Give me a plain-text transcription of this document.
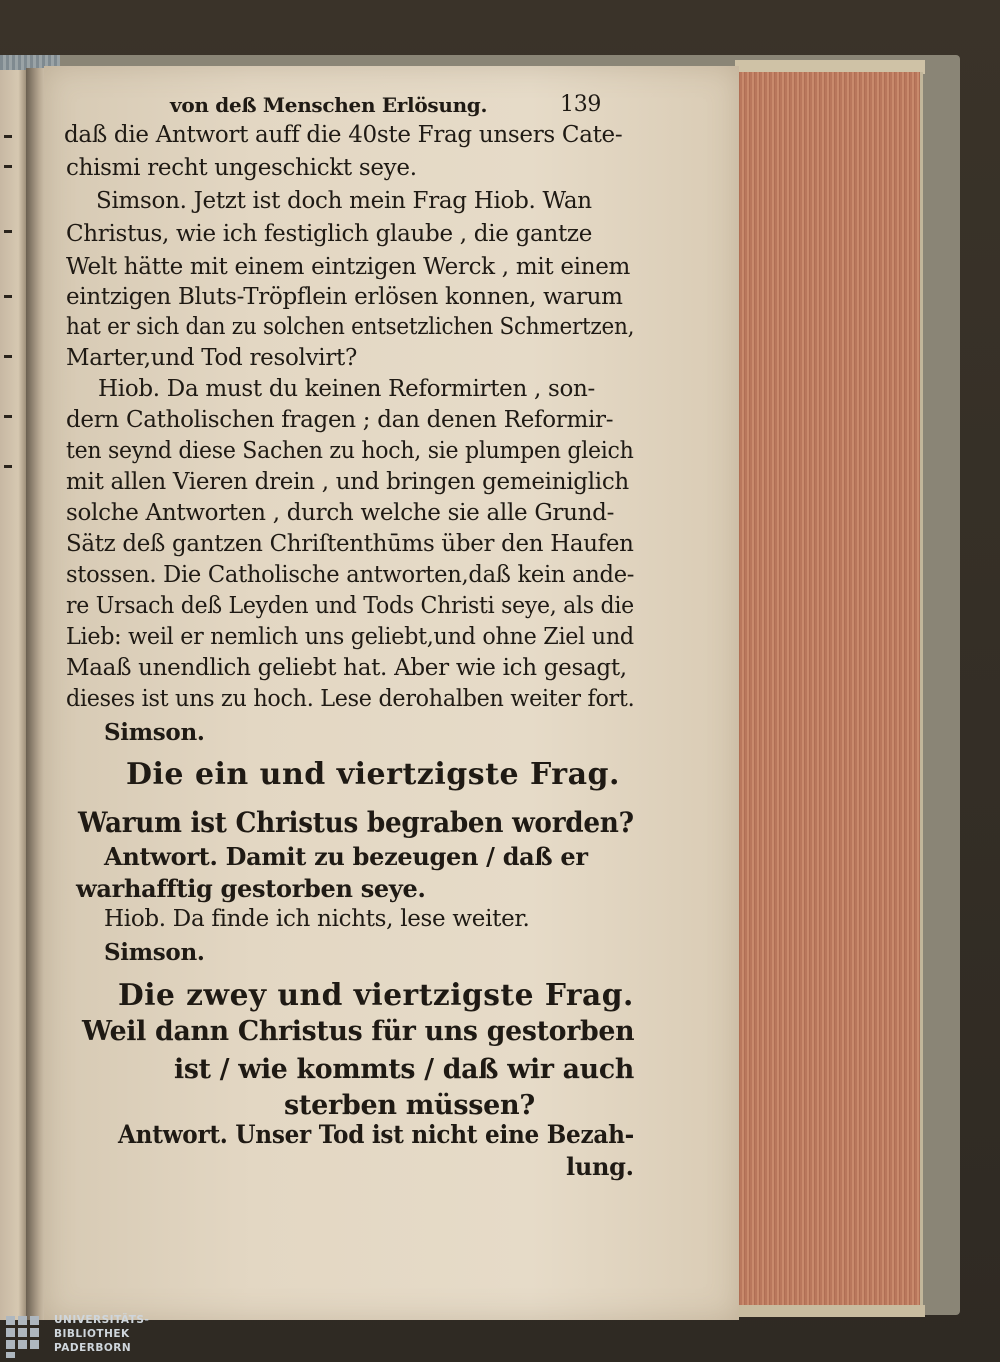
von deß Menschen Erlösung.	139
daß die Antwort auff die 40ste Frag unsers Cate-
chismi recht ungeschickt seye.
Simson. Jetzt ist doch mein Frag Hiob. Wan
Christus, wie ich festiglich glaube , die gantze
Welt hätte mit einem eintzigen Werck , mit einem
eintzigen Bluts-Tröpflein erlösen konnen, warum
hat er sich dan zu solchen entsetzlichen Schmertzen,
Marter,und Tod resolvirt?
Hiob. Da must du keinen Reformirten , son-
dern Catholischen fragen ; dan denen Reformir-
ten seynd diese Sachen zu hoch, sie plumpen gleich
mit allen Vieren drein , und bringen gemeiniglich
solche Antworten , durch welche sie alle Grund-
Sätz deß gantzen Chriſtenthūms über den Haufen
stossen. Die Catholische antworten,daß kein ande-
re Ursach deß Leyden und Tods Christi seye, als die
Lieb: weil er nemlich uns geliebt,und ohne Ziel und
Maaß unendlich geliebt hat. Aber wie ich gesagt,
dieses ist uns zu hoch. Lese derohalben weiter fort.
Simson.
Die ein und viertzigste Frag.
Warum ist Christus begraben worden?
Antwort. Damit zu bezeugen / daß er
warhafftig gestorben seye.
Hiob. Da finde ich nichts, lese weiter.
Simson.
Die zwey und viertzigste Frag.
Weil dann Christus für uns gestorben
ist / wie kommts / daß wir auch
sterben müssen?
Antwort. Unser Tod ist nicht eine Bezah-
lung.
UNIVERSITÄTS-
BIBLIOTHEK
PADERBORN
